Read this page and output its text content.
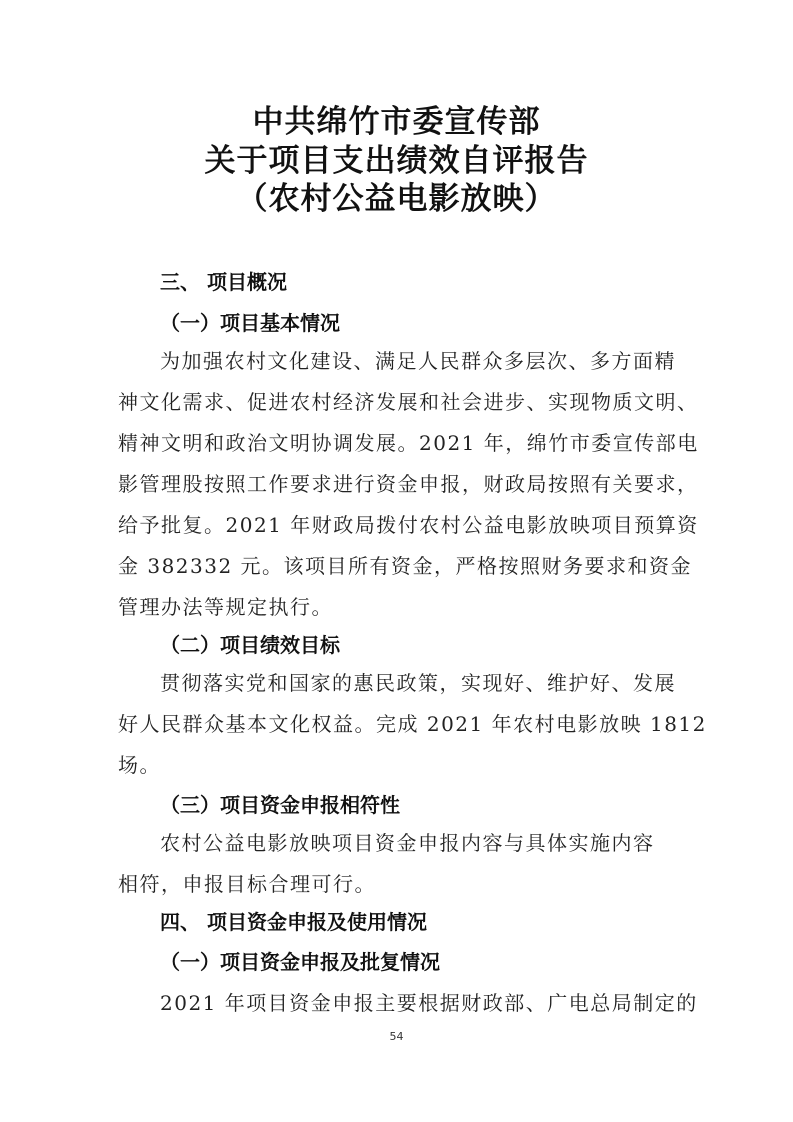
中共绵竹市委宣传部
关于项目支出绩效自评报告
（农村公益电影放映）
三、 项目概况
（一）项目基本情况
为加强农村文化建设、满足人民群众多层次、多方面精
神文化需求、促进农村经济发展和社会进步、实现物质文明、
精神文明和政治文明协调发展。2021 年，绵竹市委宣传部电
影管理股按照工作要求进行资金申报，财政局按照有关要求，
给予批复。2021 年财政局拨付农村公益电影放映项目预算资
金 382332 元。该项目所有资金，严格按照财务要求和资金
管理办法等规定执行。
（二）项目绩效目标
贯彻落实党和国家的惠民政策，实现好、维护好、发展
好人民群众基本文化权益。完成 2021 年农村电影放映 1812
场。
（三）项目资金申报相符性
农村公益电影放映项目资金申报内容与具体实施内容
相符，申报目标合理可行。
四、 项目资金申报及使用情况
（一）项目资金申报及批复情况
2021 年项目资金申报主要根据财政部、广电总局制定的
54
